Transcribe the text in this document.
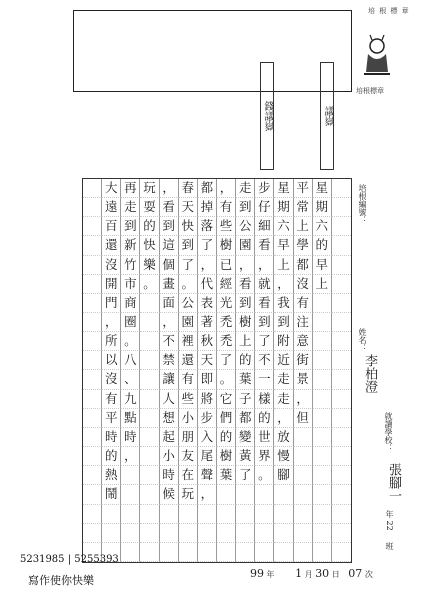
培 根 標 章
錢議嶽	議嶽
培根標章
大 再 玩 ， 春 都 ， 走 步 星 平 星
遠 走 耍 看 天 掉 有 到 仔 期 常 期
百 到 的 到 快 落 些 公 細 六 上 六
還 新 快 這 到 了 樹 園 看 早 學 的
沒 竹 樂 個 了 ， 已 ， ， 上 都 早
開 市 。 畫 。 代 經 看 就 ， 沒 上
門 商	面 公 表 光 到 看 我 有
， 圈	， 園 著 禿 樹 到 到 注
所 。	不 裡 秋 禿 上 了 附 意
以 八	禁 還 天 了 的 不 近 街
沒 、	讓 有 即 。 葉 一 走 景
有 九	人 些 將 它 子 樣 走 ，
平 點	想 小 步 們 都 的 ， 但
時 時	起 朋 入 的 變 世 放
的 ，	小 友 尾 樹 黃 界 慢
熱	時 在 聲 葉 了 。 腳
鬧	候 玩 ，
培根編號：
姓名：
李柏澄
就讀學校：
張腳一
年 22
班
5231985 | 5255393
寫作使你快樂
99 年 1 月 30 日 07 次
